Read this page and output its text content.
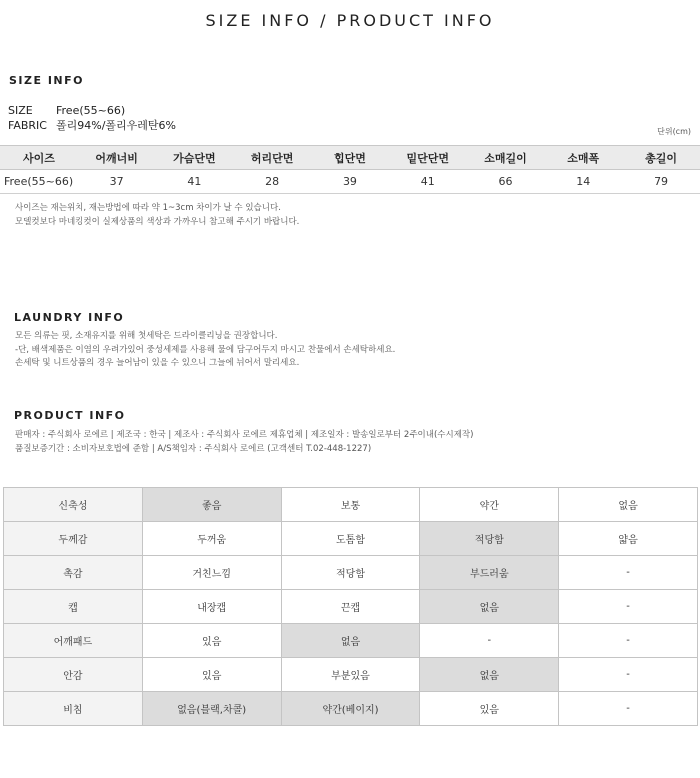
SIZE INFO / PRODUCT INFO
SIZE INFO
SIZE Free(55~66)
FABRIC 폴리94%/폴리우레탄6%	단위(cm)
사이즈	어깨너비	가슴단면	허리단면	힙단면	밑단단면	소매길이	소매폭	총길이
Free(55~66)	37	41	28	39	41	66	14	79
사이즈는 재는위치, 재는방법에 따라 약 1~3cm 차이가 날 수 있습니다.
모델컷보다 마네킹컷이 실제상품의 색상과 가까우니 참고해 주시기 바랍니다.
LAUNDRY INFO
모든 의류는 핏, 소재유지를 위해 첫세탁은 드라이클리닝을 권장합니다.
-단, 배색제품은 이염의 우려가있어 중성세제를 사용해 물에 담구어두지 마시고 찬물에서 손세탁하세요.
손세탁 및 니트상품의 경우 늘어남이 있을 수 있으니 그늘에 뉘어서 말리세요.
PRODUCT INFO
판매자 : 주식회사 로에르 | 제조국 : 한국 | 제조사 : 주식회사 로에르 제휴업체 | 제조일자 : 발송일로부터 2주이내(수시제작)
품질보증기간 : 소비자보호법에 준함 | A/S책임자 : 주식회사 로에르 (고객센터 T.02-448-1227)
신축성	좋음	보통	약간	없음
두께감	두꺼움	도톰함	적당함	얇음
촉감	거친느낌	적당함	부드러움	-
캡	내장캡	끈캡	없음	-
어깨패드	있음	없음	-	-
안감	있음	부분있음	없음	-
비침	없음(블랙,차콜)	약간(베이지)	있음	-
